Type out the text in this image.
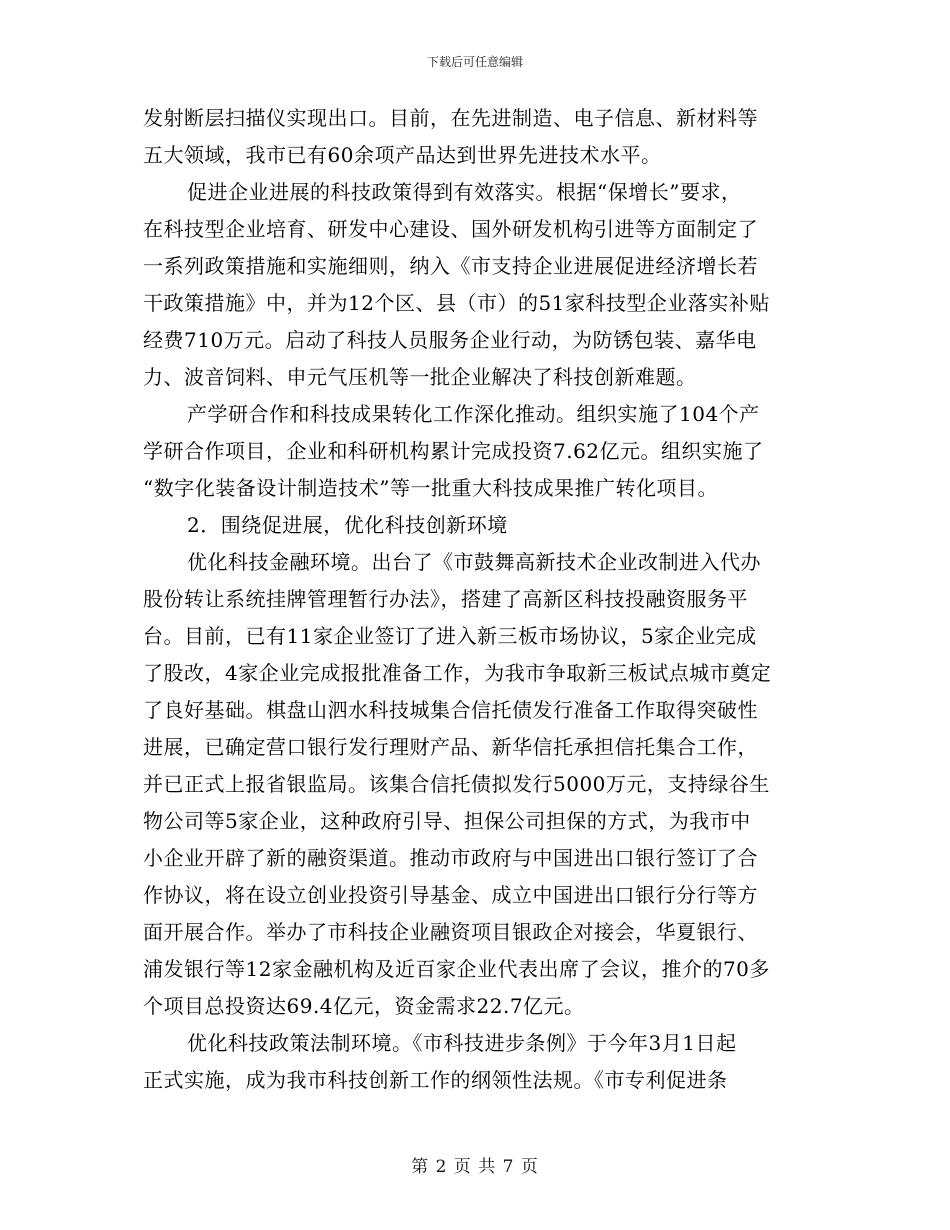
下载后可任意编辑
发射断层扫描仪实现出口。目前，在先进制造、电子信息、新材料等
五大领域，我市已有60余项产品达到世界先进技术水平。
促进企业进展的科技政策得到有效落实。根据“保增长”要求，
在科技型企业培育、研发中心建设、国外研发机构引进等方面制定了
一系列政策措施和实施细则，纳入《市支持企业进展促进经济增长若
干政策措施》中，并为12个区、县（市）的51家科技型企业落实补贴
经费710万元。启动了科技人员服务企业行动，为防锈包装、嘉华电
力、波音饲料、申元气压机等一批企业解决了科技创新难题。
产学研合作和科技成果转化工作深化推动。组织实施了104个产
学研合作项目，企业和科研机构累计完成投资7.62亿元。组织实施了
“数字化装备设计制造技术”等一批重大科技成果推广转化项目。
2．围绕促进展，优化科技创新环境
优化科技金融环境。出台了《市鼓舞高新技术企业改制进入代办
股份转让系统挂牌管理暂行办法》，搭建了高新区科技投融资服务平
台。目前，已有11家企业签订了进入新三板市场协议，5家企业完成
了股改，4家企业完成报批准备工作，为我市争取新三板试点城市奠定
了良好基础。棋盘山泗水科技城集合信托债发行准备工作取得突破性
进展，已确定营口银行发行理财产品、新华信托承担信托集合工作，
并已正式上报省银监局。该集合信托债拟发行5000万元，支持绿谷生
物公司等5家企业，这种政府引导、担保公司担保的方式，为我市中
小企业开辟了新的融资渠道。推动市政府与中国进出口银行签订了合
作协议，将在设立创业投资引导基金、成立中国进出口银行分行等方
面开展合作。举办了市科技企业融资项目银政企对接会，华夏银行、
浦发银行等12家金融机构及近百家企业代表出席了会议，推介的70多
个项目总投资达69.4亿元，资金需求22.7亿元。
优化科技政策法制环境。《市科技进步条例》于今年3月1日起
正式实施，成为我市科技创新工作的纲领性法规。《市专利促进条
第 2 页 共 7 页
